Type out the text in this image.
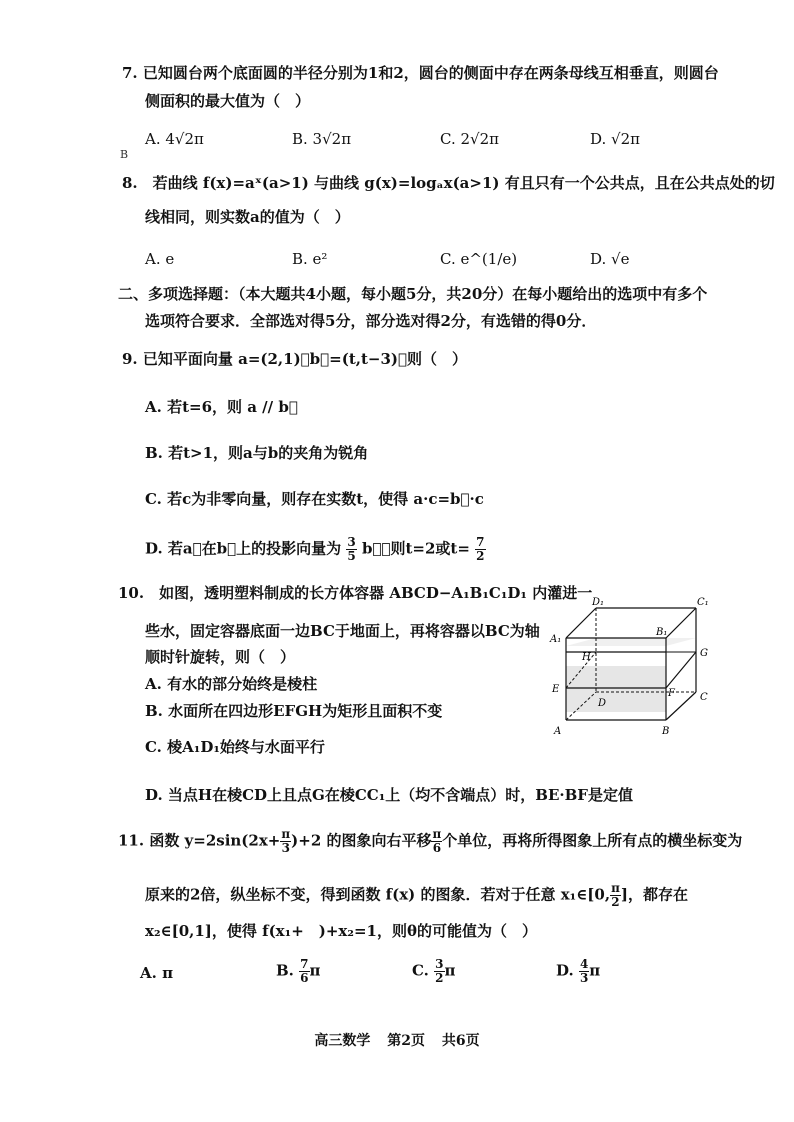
7. 已知圆台两个底面圆的半径分别为1和2，圆台的侧面中存在两条母线互相垂直，则圆台
侧面积的最大值为（　）
A. 4√2π	B. 3√2π	C. 2√2π	D. √2π
B
8.　若曲线 f(x)=aˣ(a>1) 与曲线 g(x)=logₐx(a>1) 有且只有一个公共点，且在公共点处的切
线相同，则实数a的值为（　）
A. e	B. e²	C. e^(1/e)	D. √e
二、多项选择题：（本大题共4小题，每小题5分，共20分）在每小题给出的选项中有多个
选项符合要求．全部选对得5分，部分选对得2分，有选错的得0分．
9. 已知平面向量 a=(2,1)，b⃗=(t,t−3)，则（　）
A. 若t=6，则 a // b⃗
B. 若t>1，则a与b的夹角为锐角
C. 若c为非零向量，则存在实数t，使得 a·c=b⃗·c
D. 若a⃗在b⃗上的投影向量为 $\frac{3}{5}$ b⃗，则t=2或$t= \frac{7}{2}$
10.　如图，透明塑料制成的长方体容器 ABCD−A₁B₁C₁D₁ 内灌进一
些水，固定容器底面一边BC于地面上，再将容器以BC为轴
顺时针旋转，则（　）
A. 有水的部分始终是棱柱
B. 水面所在四边形EFGH为矩形且面积不变
C. 棱A₁D₁始终与水面平行
D. 当点H在棱CD上且点G在棱CC₁上（均不含端点）时，BE·BF是定值
D₁	C₁
A₁
B₁
H	G
E	F
D
C
A	B
11. 函数 $y=2\sin(2x+ \frac{\pi}{3} )+2$ 的图象向右平移 $\frac{\pi}{6}$ 个单位，再将所得图象上所有点的横坐标变为
原来的2倍，纵坐标不变，得到函数 f(x) 的图象．若对于任意 x₁∈[0, $\frac{\pi}{2}$ ]，都存在
x₂∈[0,1]，使得 f(x₁+　)+x₂=1，则θ的可能值为（　）
A. π	B. $\frac{7}{6}$ π	C. $\frac{3}{2}$ π	D. $\frac{4}{3}$ π
高三数学 第2页 共6页
